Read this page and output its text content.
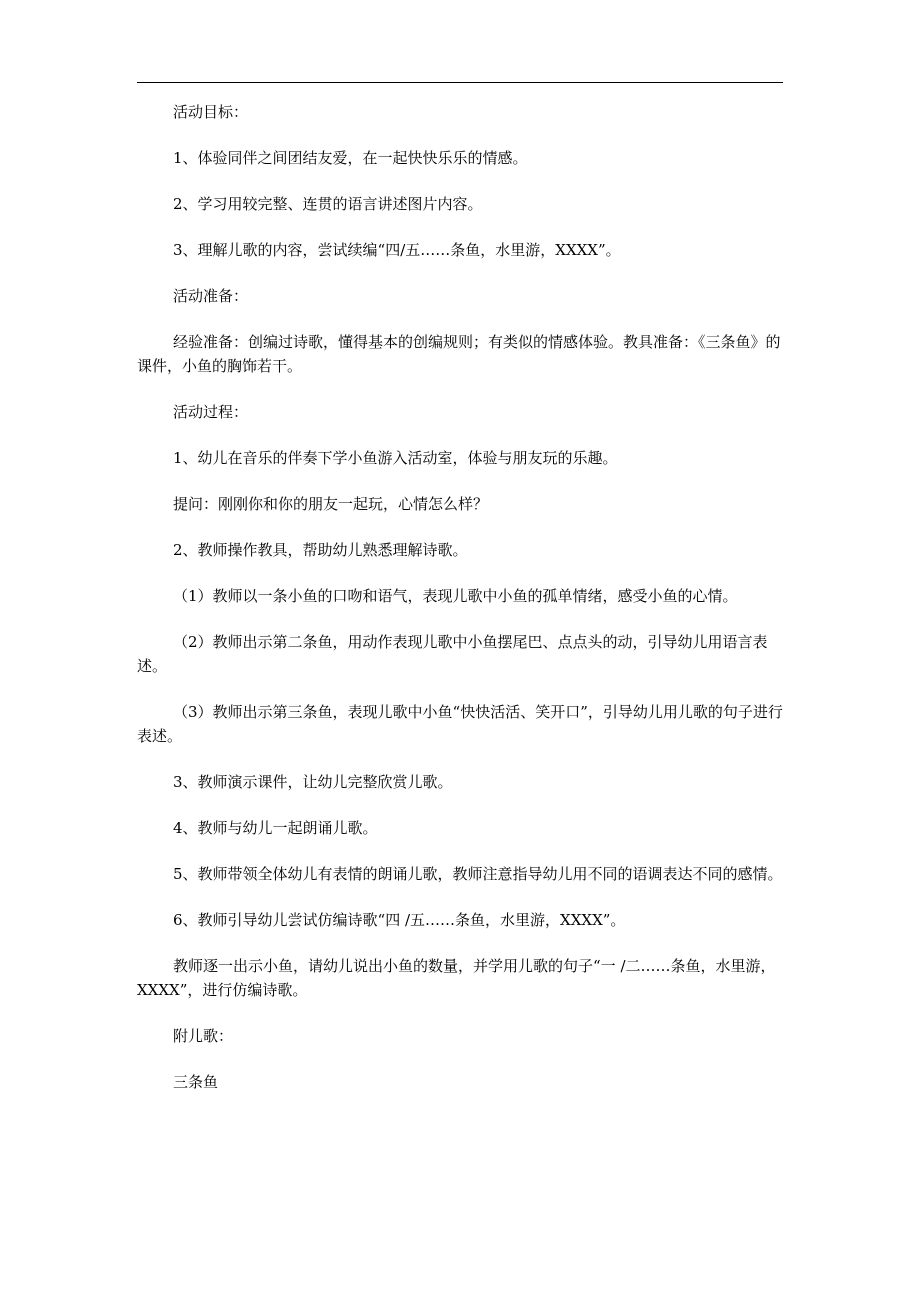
活动目标：

1、体验同伴之间团结友爱，在一起快快乐乐的情感。

2、学习用较完整、连贯的语言讲述图片内容。

3、理解儿歌的内容，尝试续编“四/五……条鱼，水里游，XXXX”。

活动准备：

经验准备：创编过诗歌，懂得基本的创编规则；有类似的情感体验。教具准备：《三条鱼》的课件，小鱼的胸饰若干。

活动过程：

1、幼儿在音乐的伴奏下学小鱼游入活动室，体验与朋友玩的乐趣。

提问：刚刚你和你的朋友一起玩，心情怎么样？

2、教师操作教具，帮助幼儿熟悉理解诗歌。

（1）教师以一条小鱼的口吻和语气，表现儿歌中小鱼的孤单情绪，感受小鱼的心情。

（2）教师出示第二条鱼，用动作表现儿歌中小鱼摆尾巴、点点头的动，引导幼儿用语言表述。

（3）教师出示第三条鱼，表现儿歌中小鱼“快快活活、笑开口”，引导幼儿用儿歌的句子进行表述。

3、教师演示课件，让幼儿完整欣赏儿歌。

4、教师与幼儿一起朗诵儿歌。

5、教师带领全体幼儿有表情的朗诵儿歌，教师注意指导幼儿用不同的语调表达不同的感情。

6、教师引导幼儿尝试仿编诗歌“四 /五……条鱼，水里游，XXXX”。

教师逐一出示小鱼，请幼儿说出小鱼的数量，并学用儿歌的句子“一 /二……条鱼，水里游，XXXX”，进行仿编诗歌。

附儿歌：

三条鱼
